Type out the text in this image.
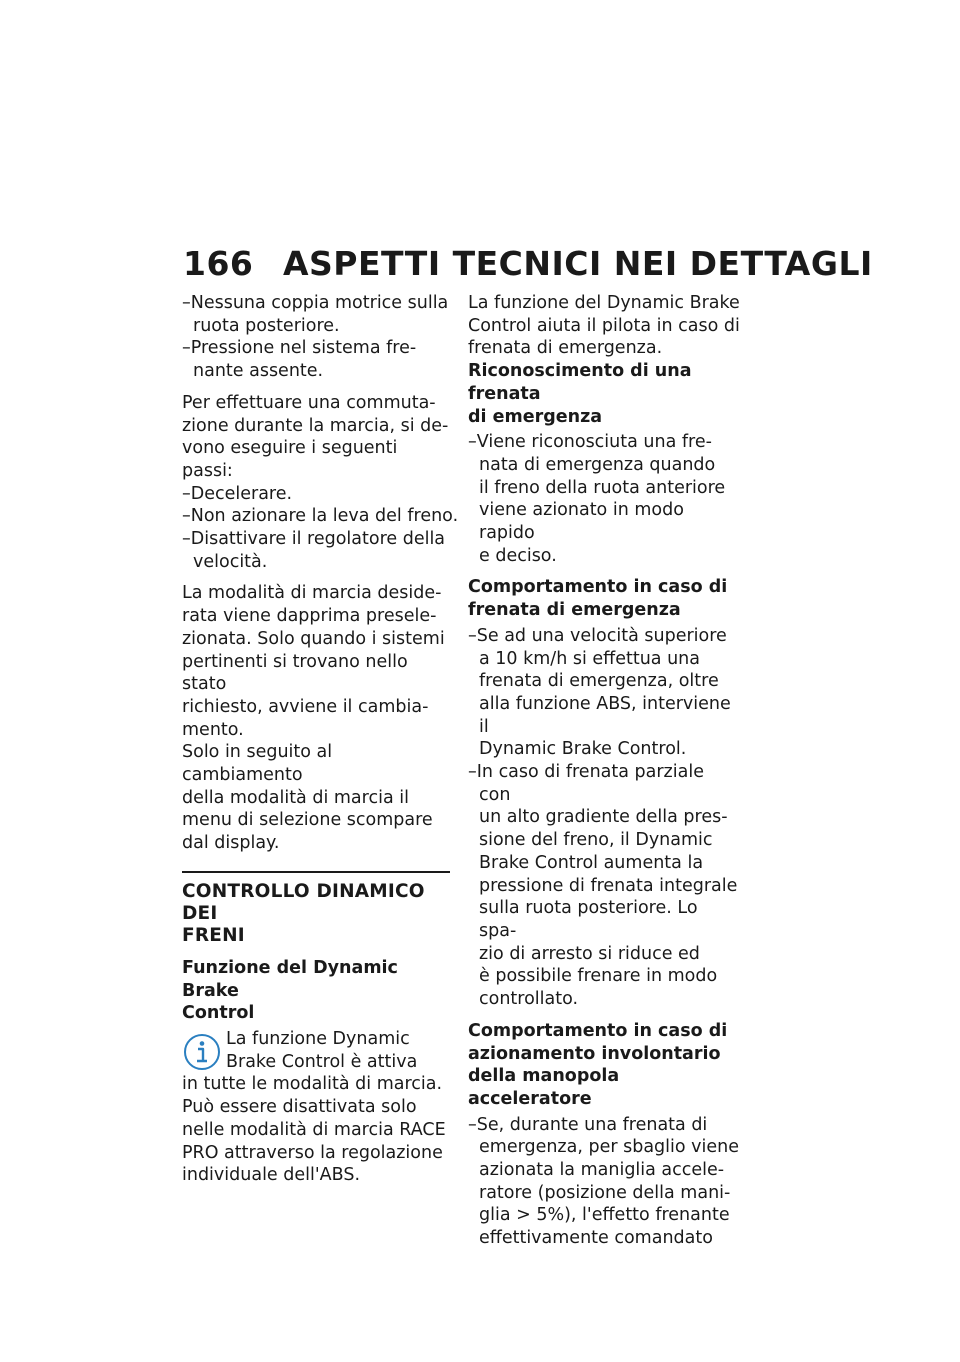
166 ASPETTI TECNICI NEI DETTAGLI
– Nessuna coppia motrice sulla
ruota posteriore.
– Pressione nel sistema fre-
nante assente.
Per effettuare una commuta-
zione durante la marcia, si de-
vono eseguire i seguenti passi:
– Decelerare.
– Non azionare la leva del freno.
– Disattivare il regolatore della
velocità.
La modalità di marcia deside-
rata viene dapprima presele-
zionata. Solo quando i sistemi
pertinenti si trovano nello stato
richiesto, avviene il cambia-
mento.
Solo in seguito al cambiamento
della modalità di marcia il
menu di selezione scompare
dal display.
CONTROLLO DINAMICO DEI
FRENI
Funzione del Dynamic Brake
Control
La funzione Dynamic
Brake Control è attiva
in tutte le modalità di marcia.
Può essere disattivata solo
nelle modalità di marcia RACE
PRO attraverso la regolazione
individuale dell'ABS.
La funzione del Dynamic Brake
Control aiuta il pilota in caso di
frenata di emergenza.
Riconoscimento di una frenata
di emergenza
– Viene riconosciuta una fre-
nata di emergenza quando
il freno della ruota anteriore
viene azionato in modo rapido
e deciso.
Comportamento in caso di
frenata di emergenza
– Se ad una velocità superiore
a 10 km/h si effettua una
frenata di emergenza, oltre
alla funzione ABS, interviene il
Dynamic Brake Control.
– In caso di frenata parziale con
un alto gradiente della pres-
sione del freno, il Dynamic
Brake Control aumenta la
pressione di frenata integrale
sulla ruota posteriore. Lo spa-
zio di arresto si riduce ed
è possibile frenare in modo
controllato.
Comportamento in caso di
azionamento involontario
della manopola acceleratore
– Se, durante una frenata di
emergenza, per sbaglio viene
azionata la maniglia accele-
ratore (posizione della mani-
glia > 5%), l'effetto frenante
effettivamente comandato
